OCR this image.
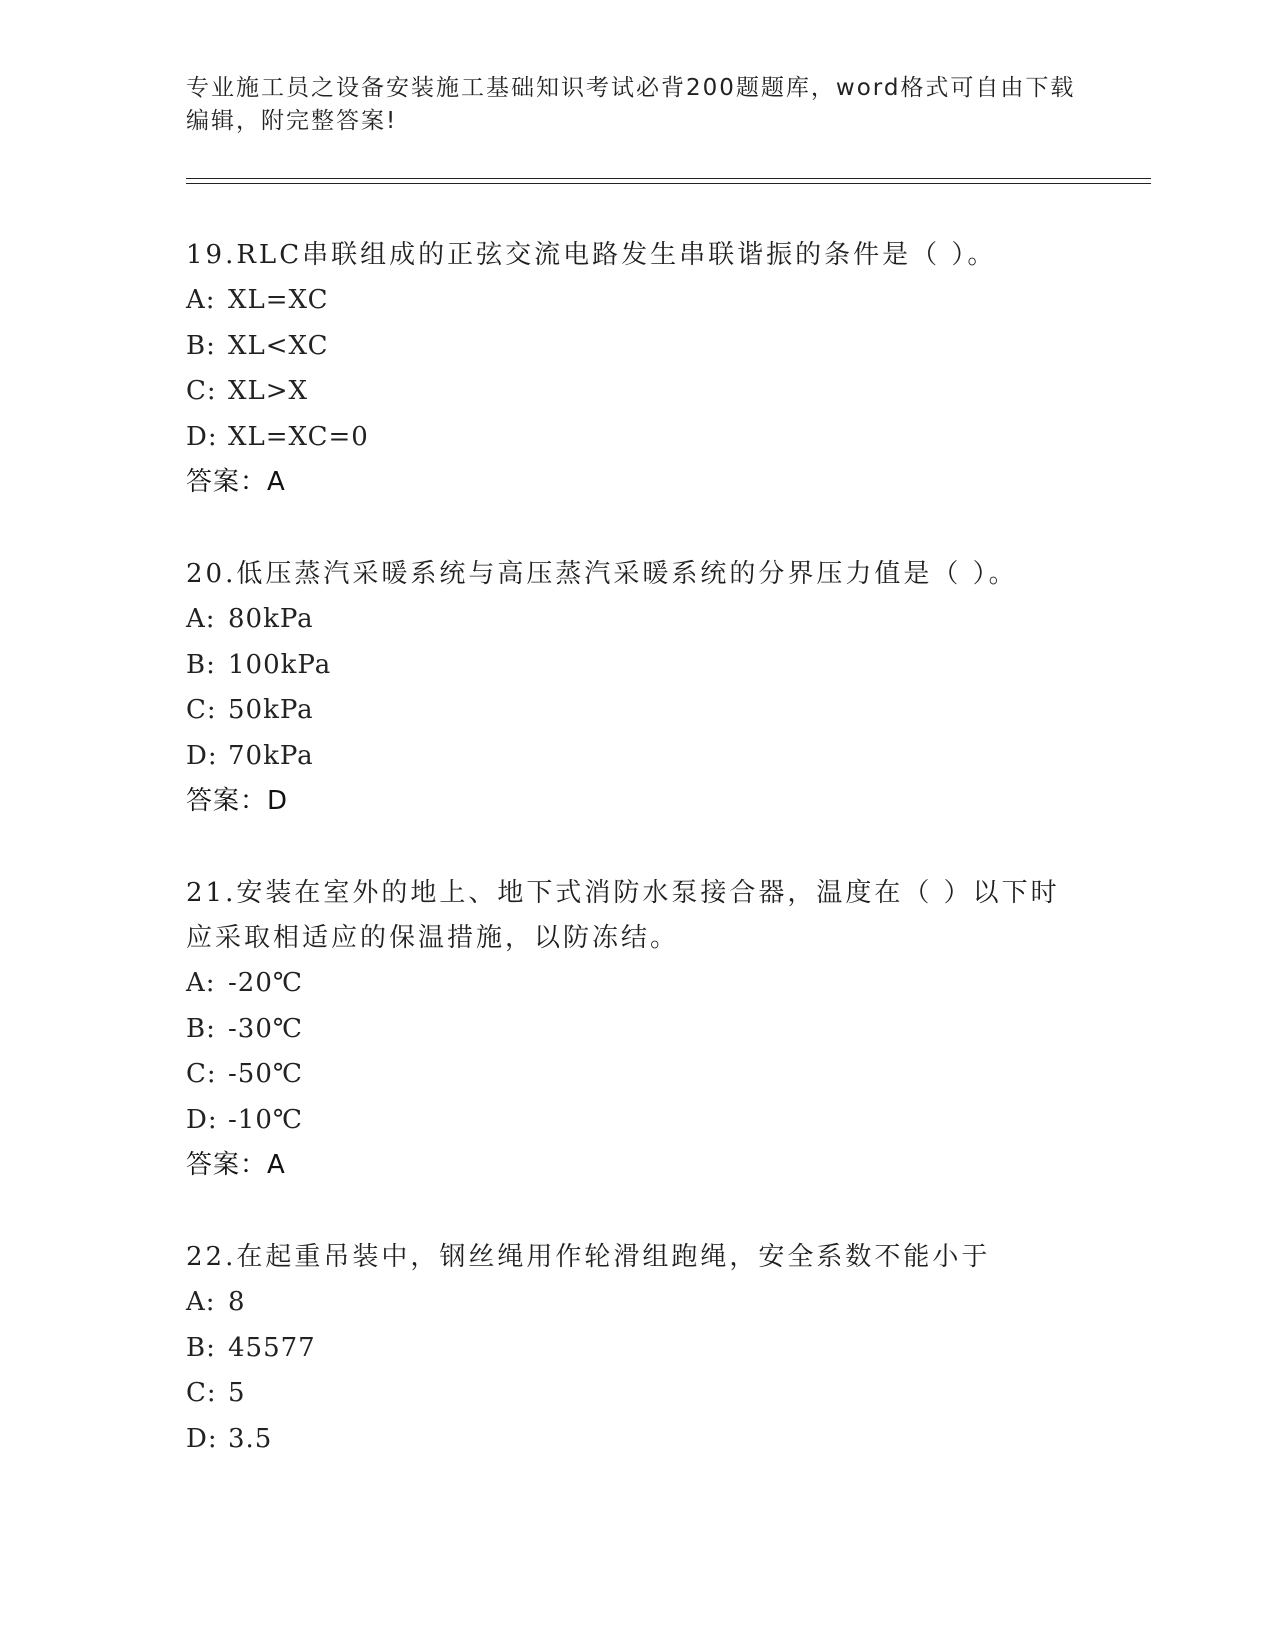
专业施工员之设备安装施工基础知识考试必背200题题库，word格式可自由下载
编辑，附完整答案!
19.RLC串联组成的正弦交流电路发生串联谐振的条件是（ ）。
A: XL=XC
B: XL<XC
C: XL>X
D: XL=XC=0
答案：A
20.低压蒸汽采暖系统与高压蒸汽采暖系统的分界压力值是（ ）。
A: 80kPa
B: 100kPa
C: 50kPa
D: 70kPa
答案：D
21.安装在室外的地上、地下式消防水泵接合器，温度在（ ）以下时
应采取相适应的保温措施，以防冻结。
A: -20℃
B: -30℃
C: -50℃
D: -10℃
答案：A
22.在起重吊装中，钢丝绳用作轮滑组跑绳，安全系数不能小于
A: 8
B: 45577
C: 5
D: 3.5
